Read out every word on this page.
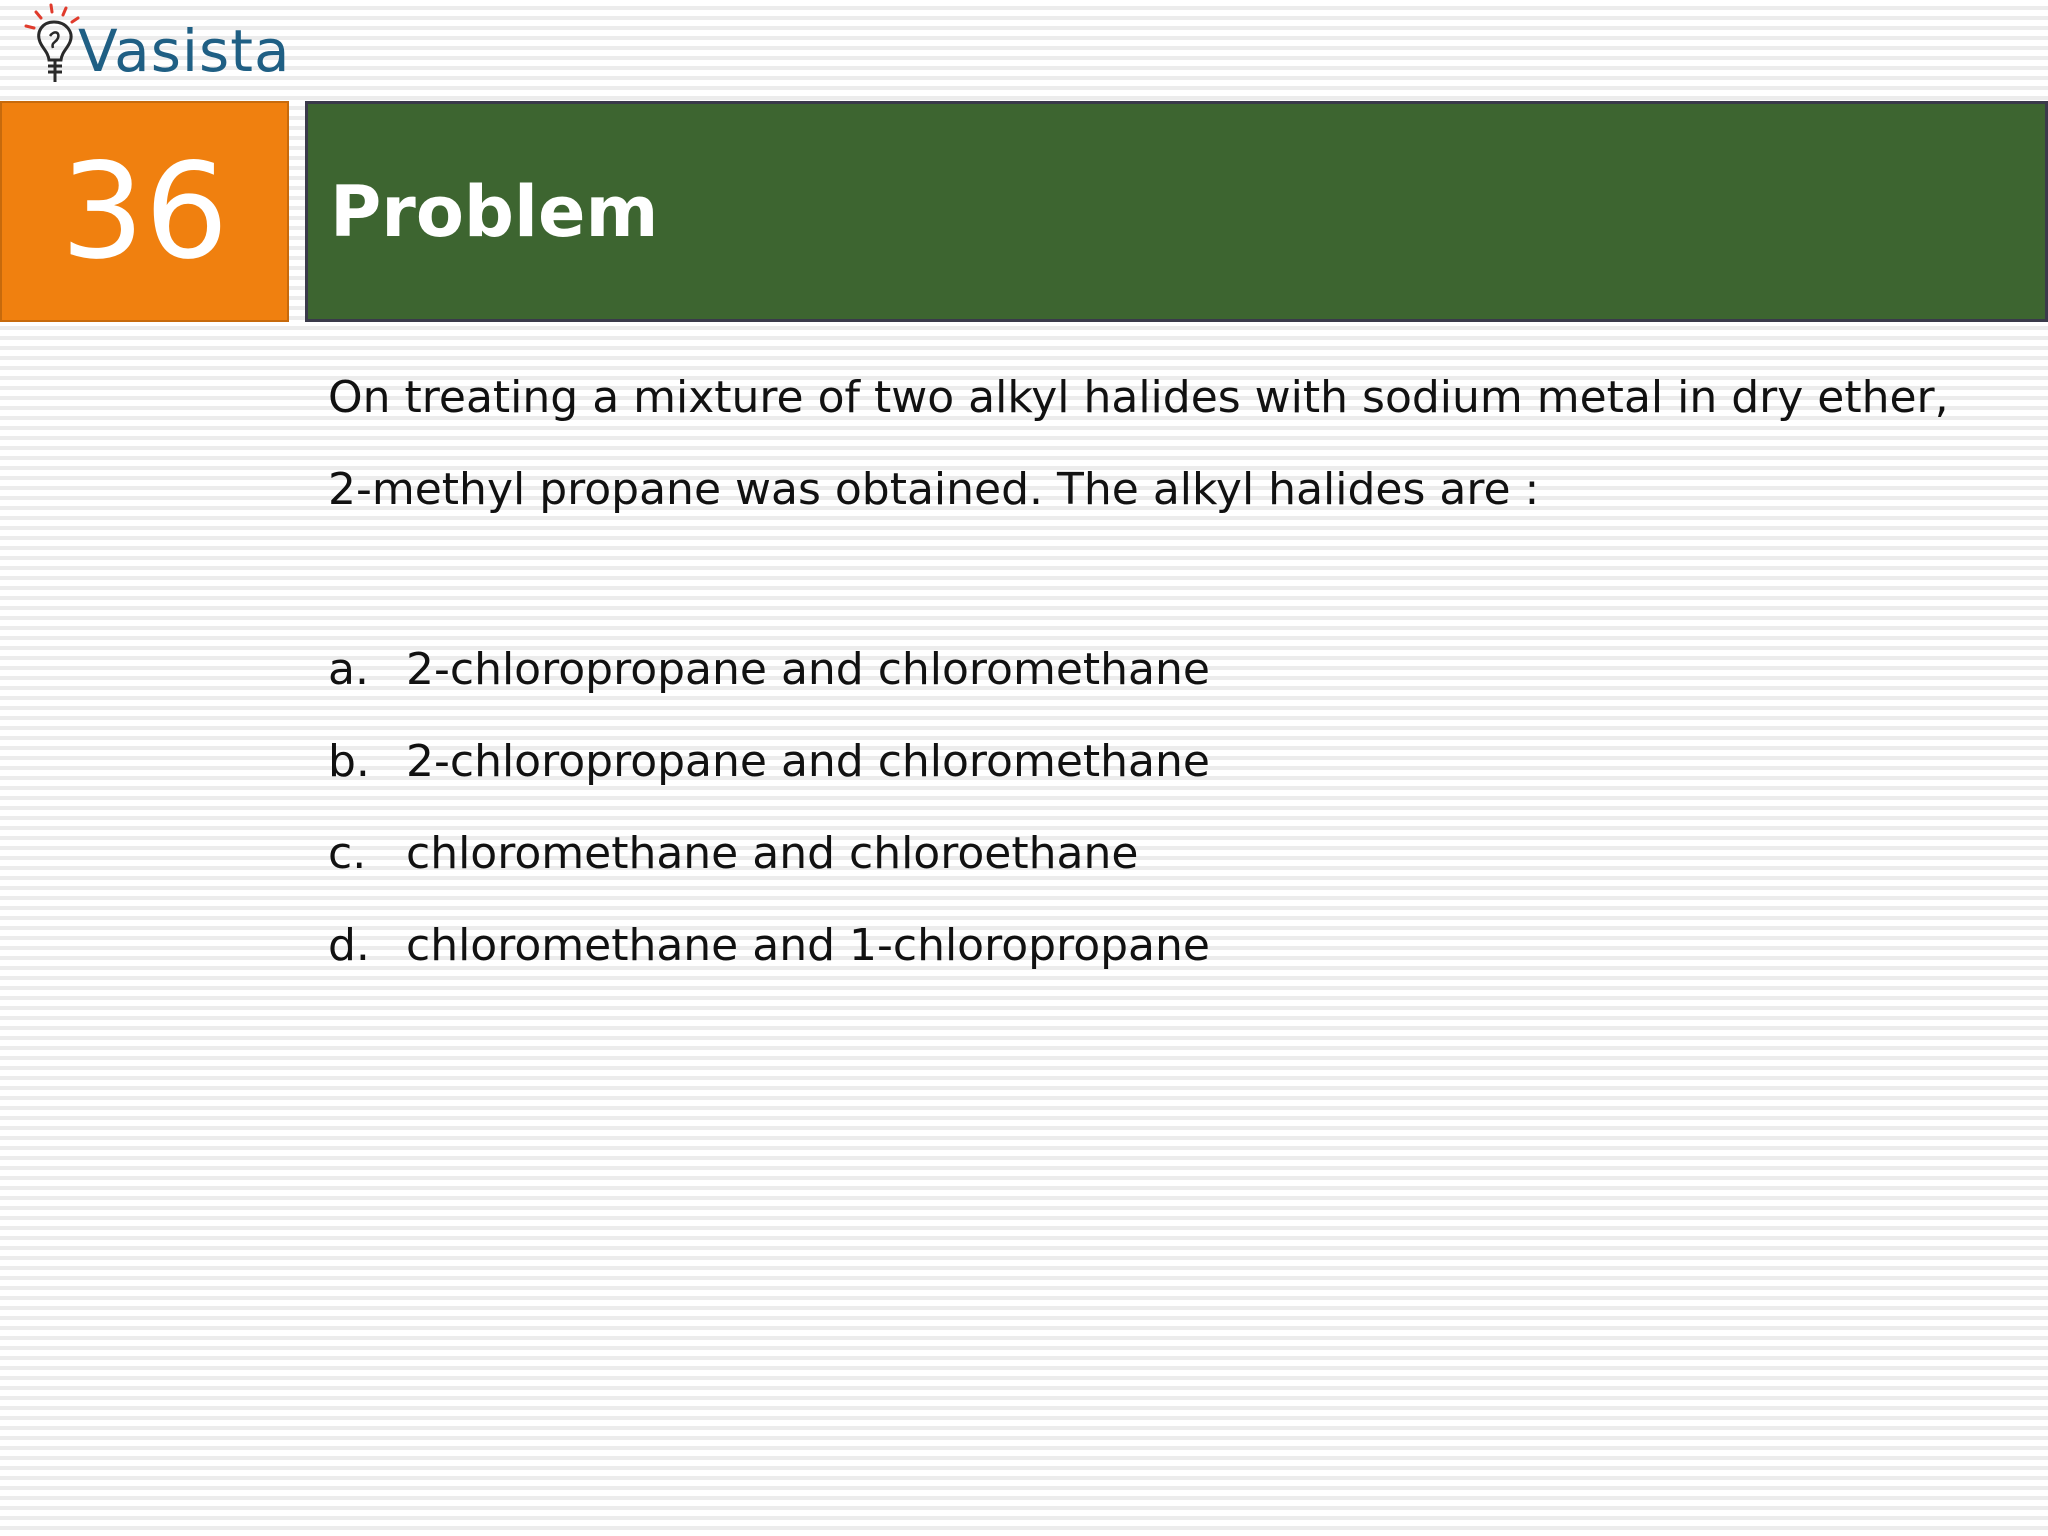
Vasista
36	Problem

On treating a mixture of two alkyl halides with sodium metal in dry ether, 2-methyl propane was obtained. The alkyl halides are :

a. 2-chloropropane and chloromethane
b. 2-chloropropane and chloromethane
c. chloromethane and chloroethane
d. chloromethane and 1-chloropropane
